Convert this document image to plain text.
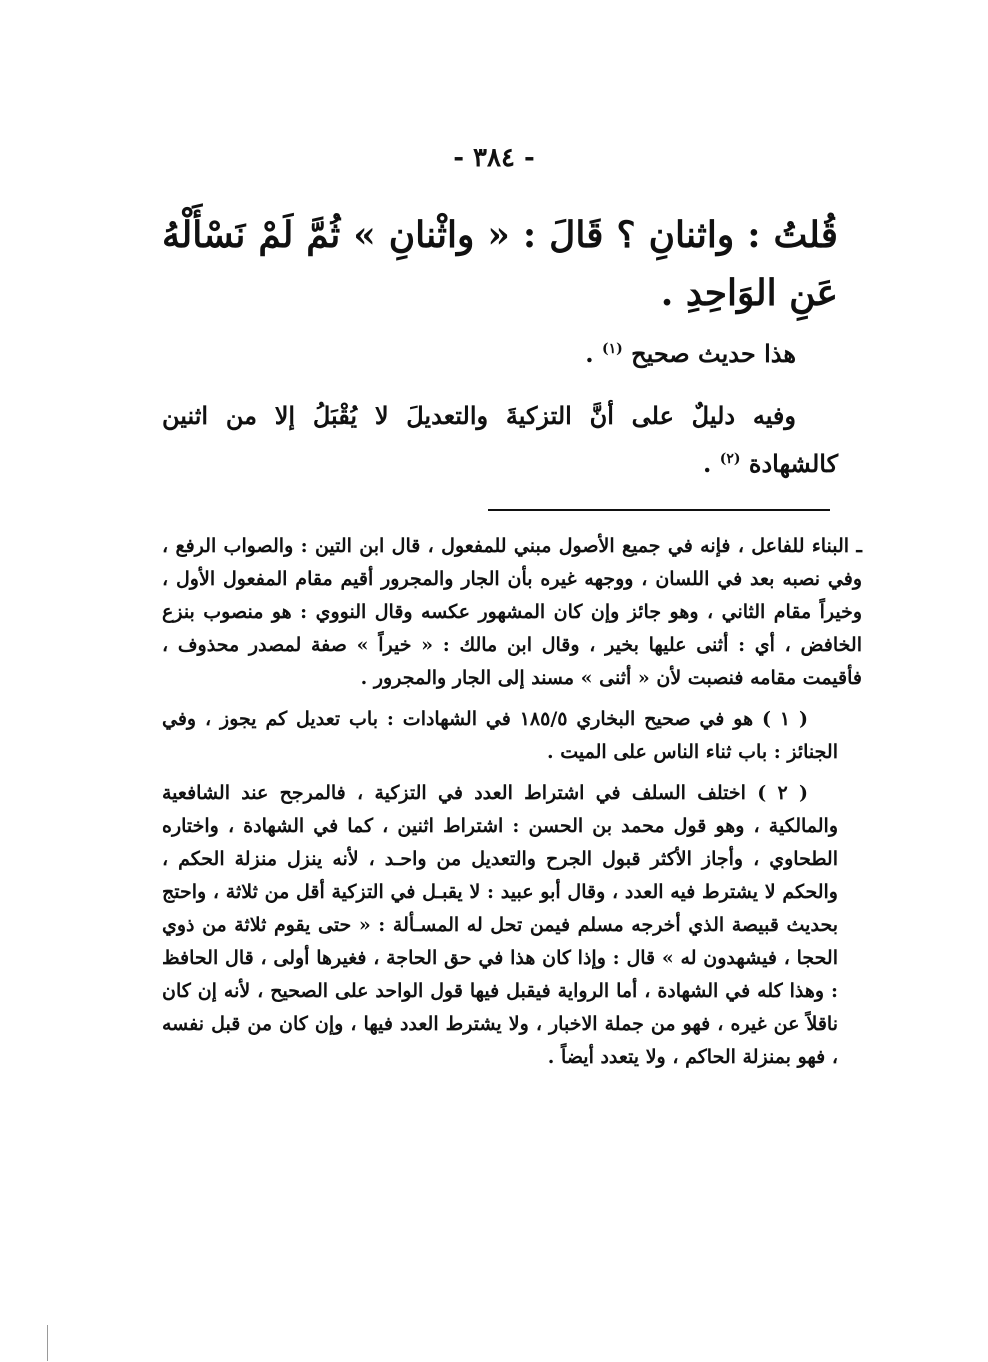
- ٣٨٤ -
قُلتُ : واثنانِ ؟ قَالَ : « واثْنانِ » ثُمَّ لَمْ نَسْأَلْهُ عَنِ الوَاحِدِ .
هذا حديث صحيح $^{(١)}$ .
وفيه دليلٌ على أنَّ التزكيةَ والتعديلَ لا يُقْبَلُ إلا من اثنين كالشهادة $^{(٢)}$ .

ـ البناء للفاعل ، فإنه في جميع الأصول مبني للمفعول ، قال ابن التين : والصواب الرفع ، وفي نصبه بعد في اللسان ، ووجهه غيره بأن الجار والمجرور أقيم مقام المفعول الأول ، وخيراً مقام الثاني ، وهو جائز وإن كان المشهور عكسه وقال النووي : هو منصوب بنزع الخافض ، أي : أثنى عليها بخير ، وقال ابن مالك : « خيراً » صفة لمصدر محذوف ، فأقيمت مقامه فنصبت لأن « أثنى » مسند إلى الجار والمجرور .

( ١ ) هو في صحيح البخاري ١٨٥/٥ في الشهادات : باب تعديل كم يجوز ، وفي الجنائز : باب ثناء الناس على الميت .

( ٢ ) اختلف السلف في اشتراط العدد في التزكية ، فالمرجح عند الشافعية والمالكية ، وهو قول محمد بن الحسن : اشتراط اثنين ، كما في الشهادة ، واختاره الطحاوي ، وأجاز الأكثر قبول الجرح والتعديل من واحـد ، لأنه ينزل منزلة الحكم ، والحكم لا يشترط فيه العدد ، وقال أبو عبيد : لا يقبـل في التزكية أقل من ثلاثة ، واحتج بحديث قبيصة الذي أخرجه مسلم فيمن تحل له المسـألة : « حتى يقوم ثلاثة من ذوي الحجا ، فيشهدون له » قال : وإذا كان هذا في حق الحاجة ، فغيرها أولى ، قال الحافظ : وهذا كله في الشهادة ، أما الرواية فيقبل فيها قول الواحد على الصحيح ، لأنه إن كان ناقلاً عن غيره ، فهو من جملة الاخبار ، ولا يشترط العدد فيها ، وإن كان من قبل نفسه ، فهو بمنزلة الحاكم ، ولا يتعدد أيضاً .
